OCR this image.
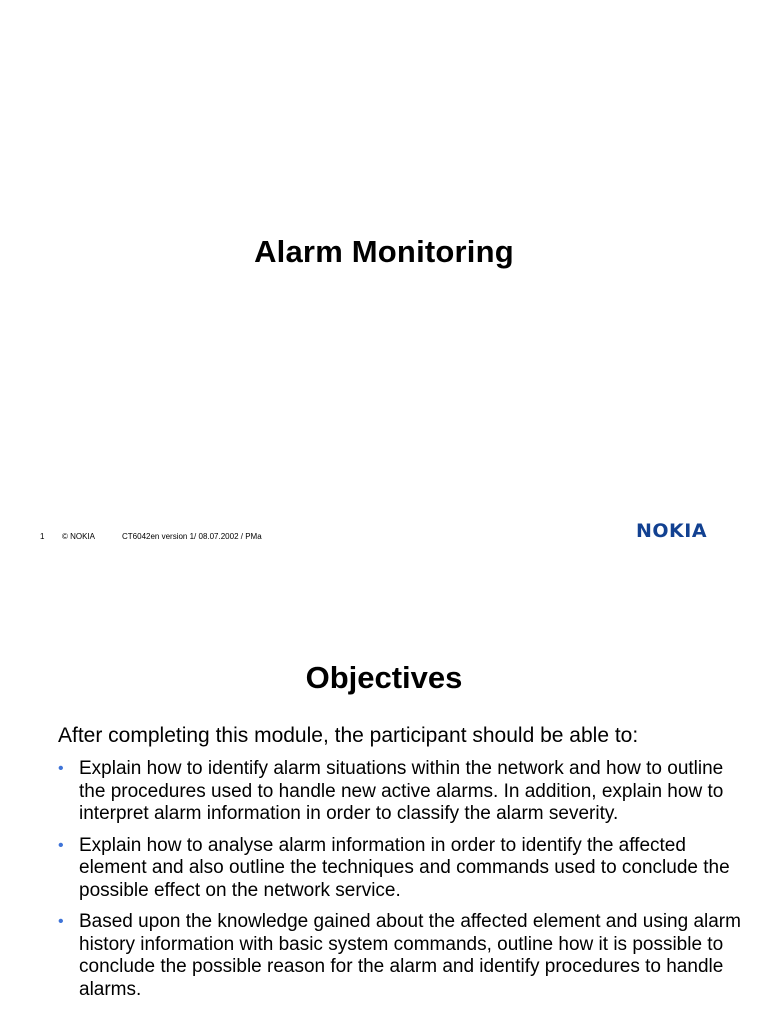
Alarm Monitoring
1	© NOKIA	CT6042en version 1/ 08.07.2002 / PMa	NOKIA
Objectives
After completing this module, the participant should be able to:
• Explain how to identify alarm situations within the network and how to outline the procedures used to handle new active alarms. In addition, explain how to interpret alarm information in order to classify the alarm severity.
• Explain how to analyse alarm information in order to identify the affected element and also outline the techniques and commands used to conclude the possible effect on the network service.
• Based upon the knowledge gained about the affected element and using alarm history information with basic system commands, outline how it is possible to conclude the possible reason for the alarm and identify procedures to handle alarms.
